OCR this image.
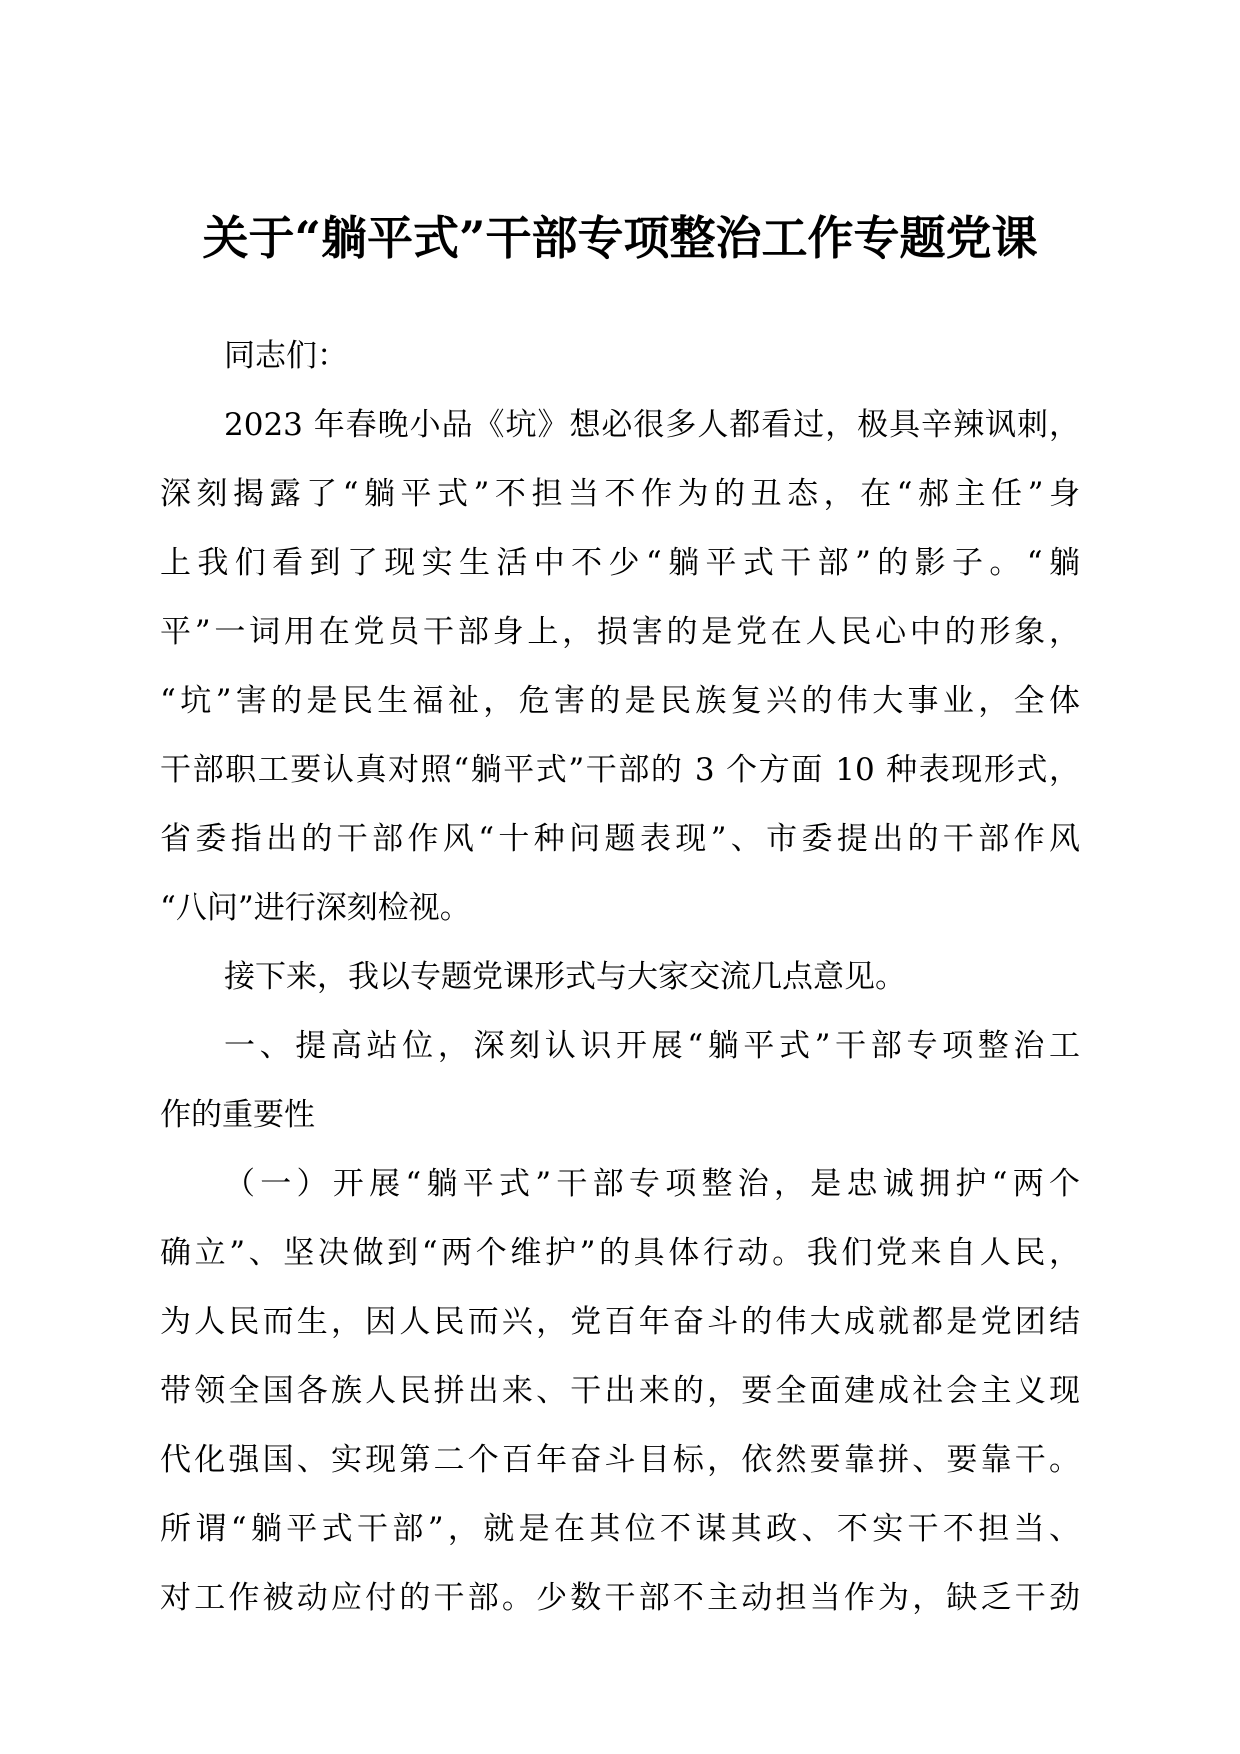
关于“躺平式”干部专项整治工作专题党课
同志们：
2023 年春晚小品《坑》想必很多人都看过，极具辛辣讽刺，
深刻揭露了“躺平式”不担当不作为的丑态，在“郝主任”身
上我们看到了现实生活中不少“躺平式干部”的影子。“躺
平”一词用在党员干部身上，损害的是党在人民心中的形象，
“坑”害的是民生福祉，危害的是民族复兴的伟大事业，全体
干部职工要认真对照“躺平式”干部的 3 个方面 10 种表现形式，
省委指出的干部作风“十种问题表现”、市委提出的干部作风
“八问”进行深刻检视。
接下来，我以专题党课形式与大家交流几点意见。
一、提高站位，深刻认识开展“躺平式”干部专项整治工
作的重要性
（一）开展“躺平式”干部专项整治，是忠诚拥护“两个
确立”、坚决做到“两个维护”的具体行动。我们党来自人民，
为人民而生，因人民而兴，党百年奋斗的伟大成就都是党团结
带领全国各族人民拼出来、干出来的，要全面建成社会主义现
代化强国、实现第二个百年奋斗目标，依然要靠拼、要靠干。
所谓“躺平式干部”，就是在其位不谋其政、不实干不担当、
对工作被动应付的干部。少数干部不主动担当作为，缺乏干劲
